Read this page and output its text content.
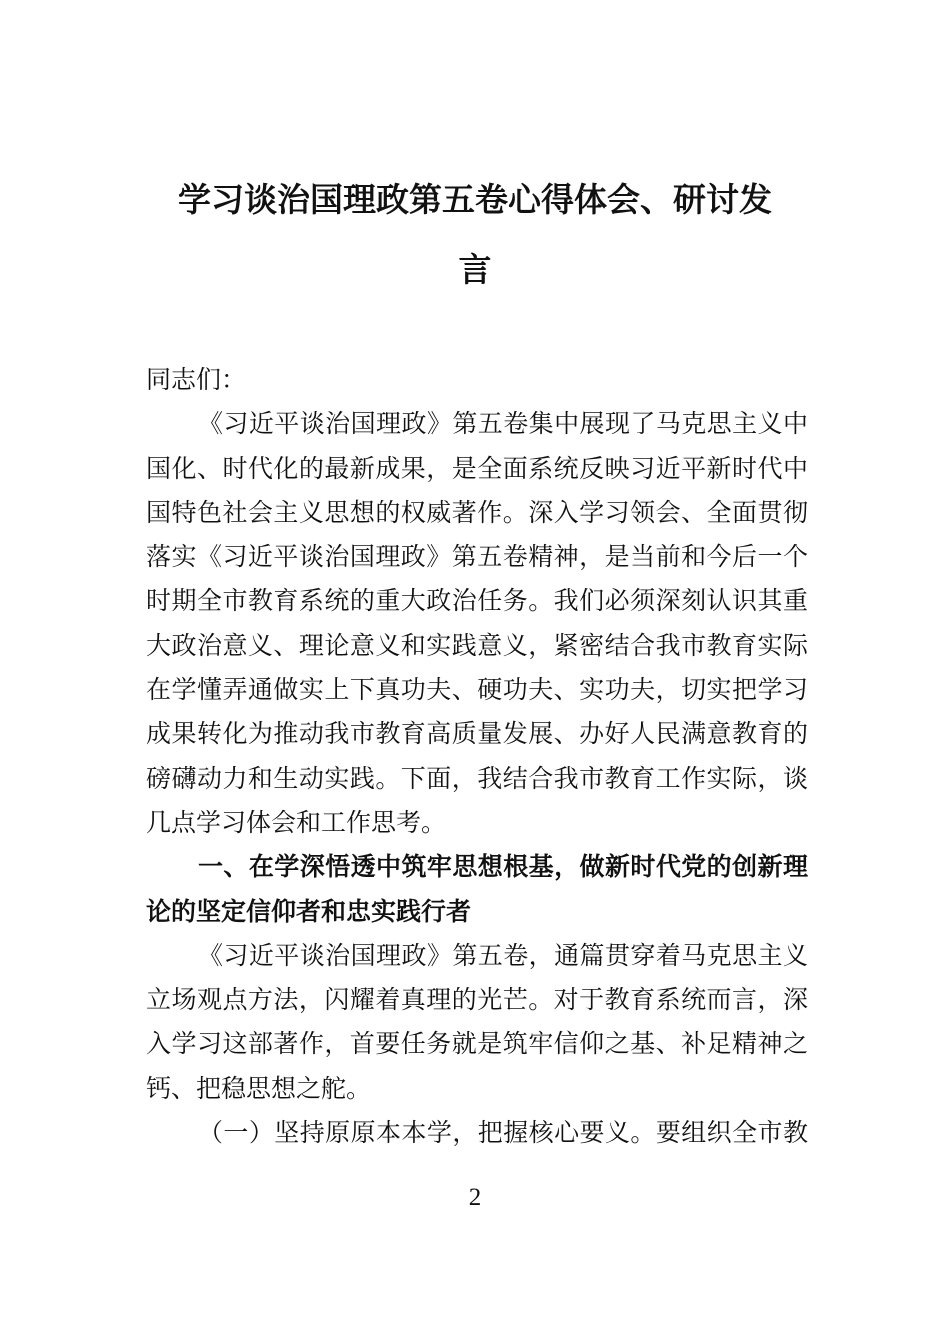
学习谈治国理政第五卷心得体会、研讨发
言
同志们：
《习近平谈治国理政》第五卷集中展现了马克思主义中
国化、时代化的最新成果，是全面系统反映习近平新时代中
国特色社会主义思想的权威著作。深入学习领会、全面贯彻
落实《习近平谈治国理政》第五卷精神，是当前和今后一个
时期全市教育系统的重大政治任务。我们必须深刻认识其重
大政治意义、理论意义和实践意义，紧密结合我市教育实际
在学懂弄通做实上下真功夫、硬功夫、实功夫，切实把学习
成果转化为推动我市教育高质量发展、办好人民满意教育的
磅礴动力和生动实践。下面，我结合我市教育工作实际，谈
几点学习体会和工作思考。
一、在学深悟透中筑牢思想根基，做新时代党的创新理
论的坚定信仰者和忠实践行者
《习近平谈治国理政》第五卷，通篇贯穿着马克思主义
立场观点方法，闪耀着真理的光芒。对于教育系统而言，深
入学习这部著作，首要任务就是筑牢信仰之基、补足精神之
钙、把稳思想之舵。
（一）坚持原原本本学，把握核心要义。要组织全市教
2
